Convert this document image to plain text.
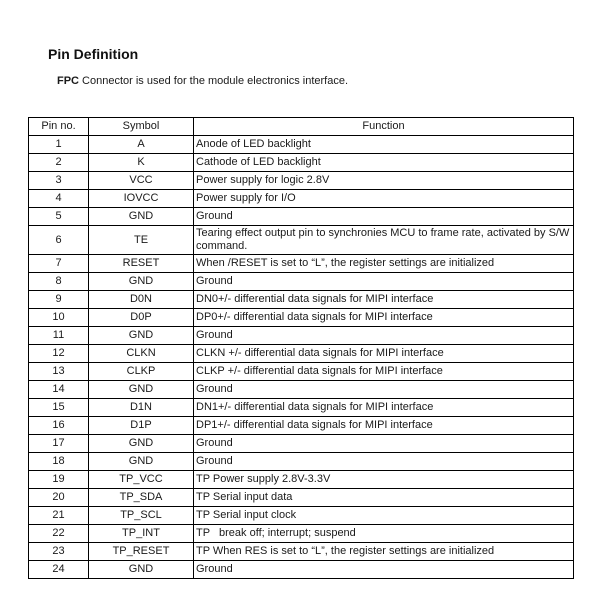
Pin Definition
FPC Connector is used for the module electronics interface.
Pin no.	Symbol	Function
1	A	Anode of LED backlight
2	K	Cathode of LED backlight
3	VCC	Power supply for logic 2.8V
4	IOVCC	Power supply for I/O
5	GND	Ground
6	TE	Tearing effect output pin to synchronies MCU to frame rate, activated by S/W command.
7	RESET	When /RESET is set to “L”, the register settings are initialized
8	GND	Ground
9	D0N	DN0+/- differential data signals for MIPI interface
10	D0P	DP0+/- differential data signals for MIPI interface
11	GND	Ground
12	CLKN	CLKN +/- differential data signals for MIPI interface
13	CLKP	CLKP +/- differential data signals for MIPI interface
14	GND	Ground
15	D1N	DN1+/- differential data signals for MIPI interface
16	D1P	DP1+/- differential data signals for MIPI interface
17	GND	Ground
18	GND	Ground
19	TP_VCC	TP Power supply 2.8V-3.3V
20	TP_SDA	TP Serial input data
21	TP_SCL	TP Serial input clock
22	TP_INT	TP   break off; interrupt; suspend
23	TP_RESET	TP When RES is set to “L”, the register settings are initialized
24	GND	Ground
